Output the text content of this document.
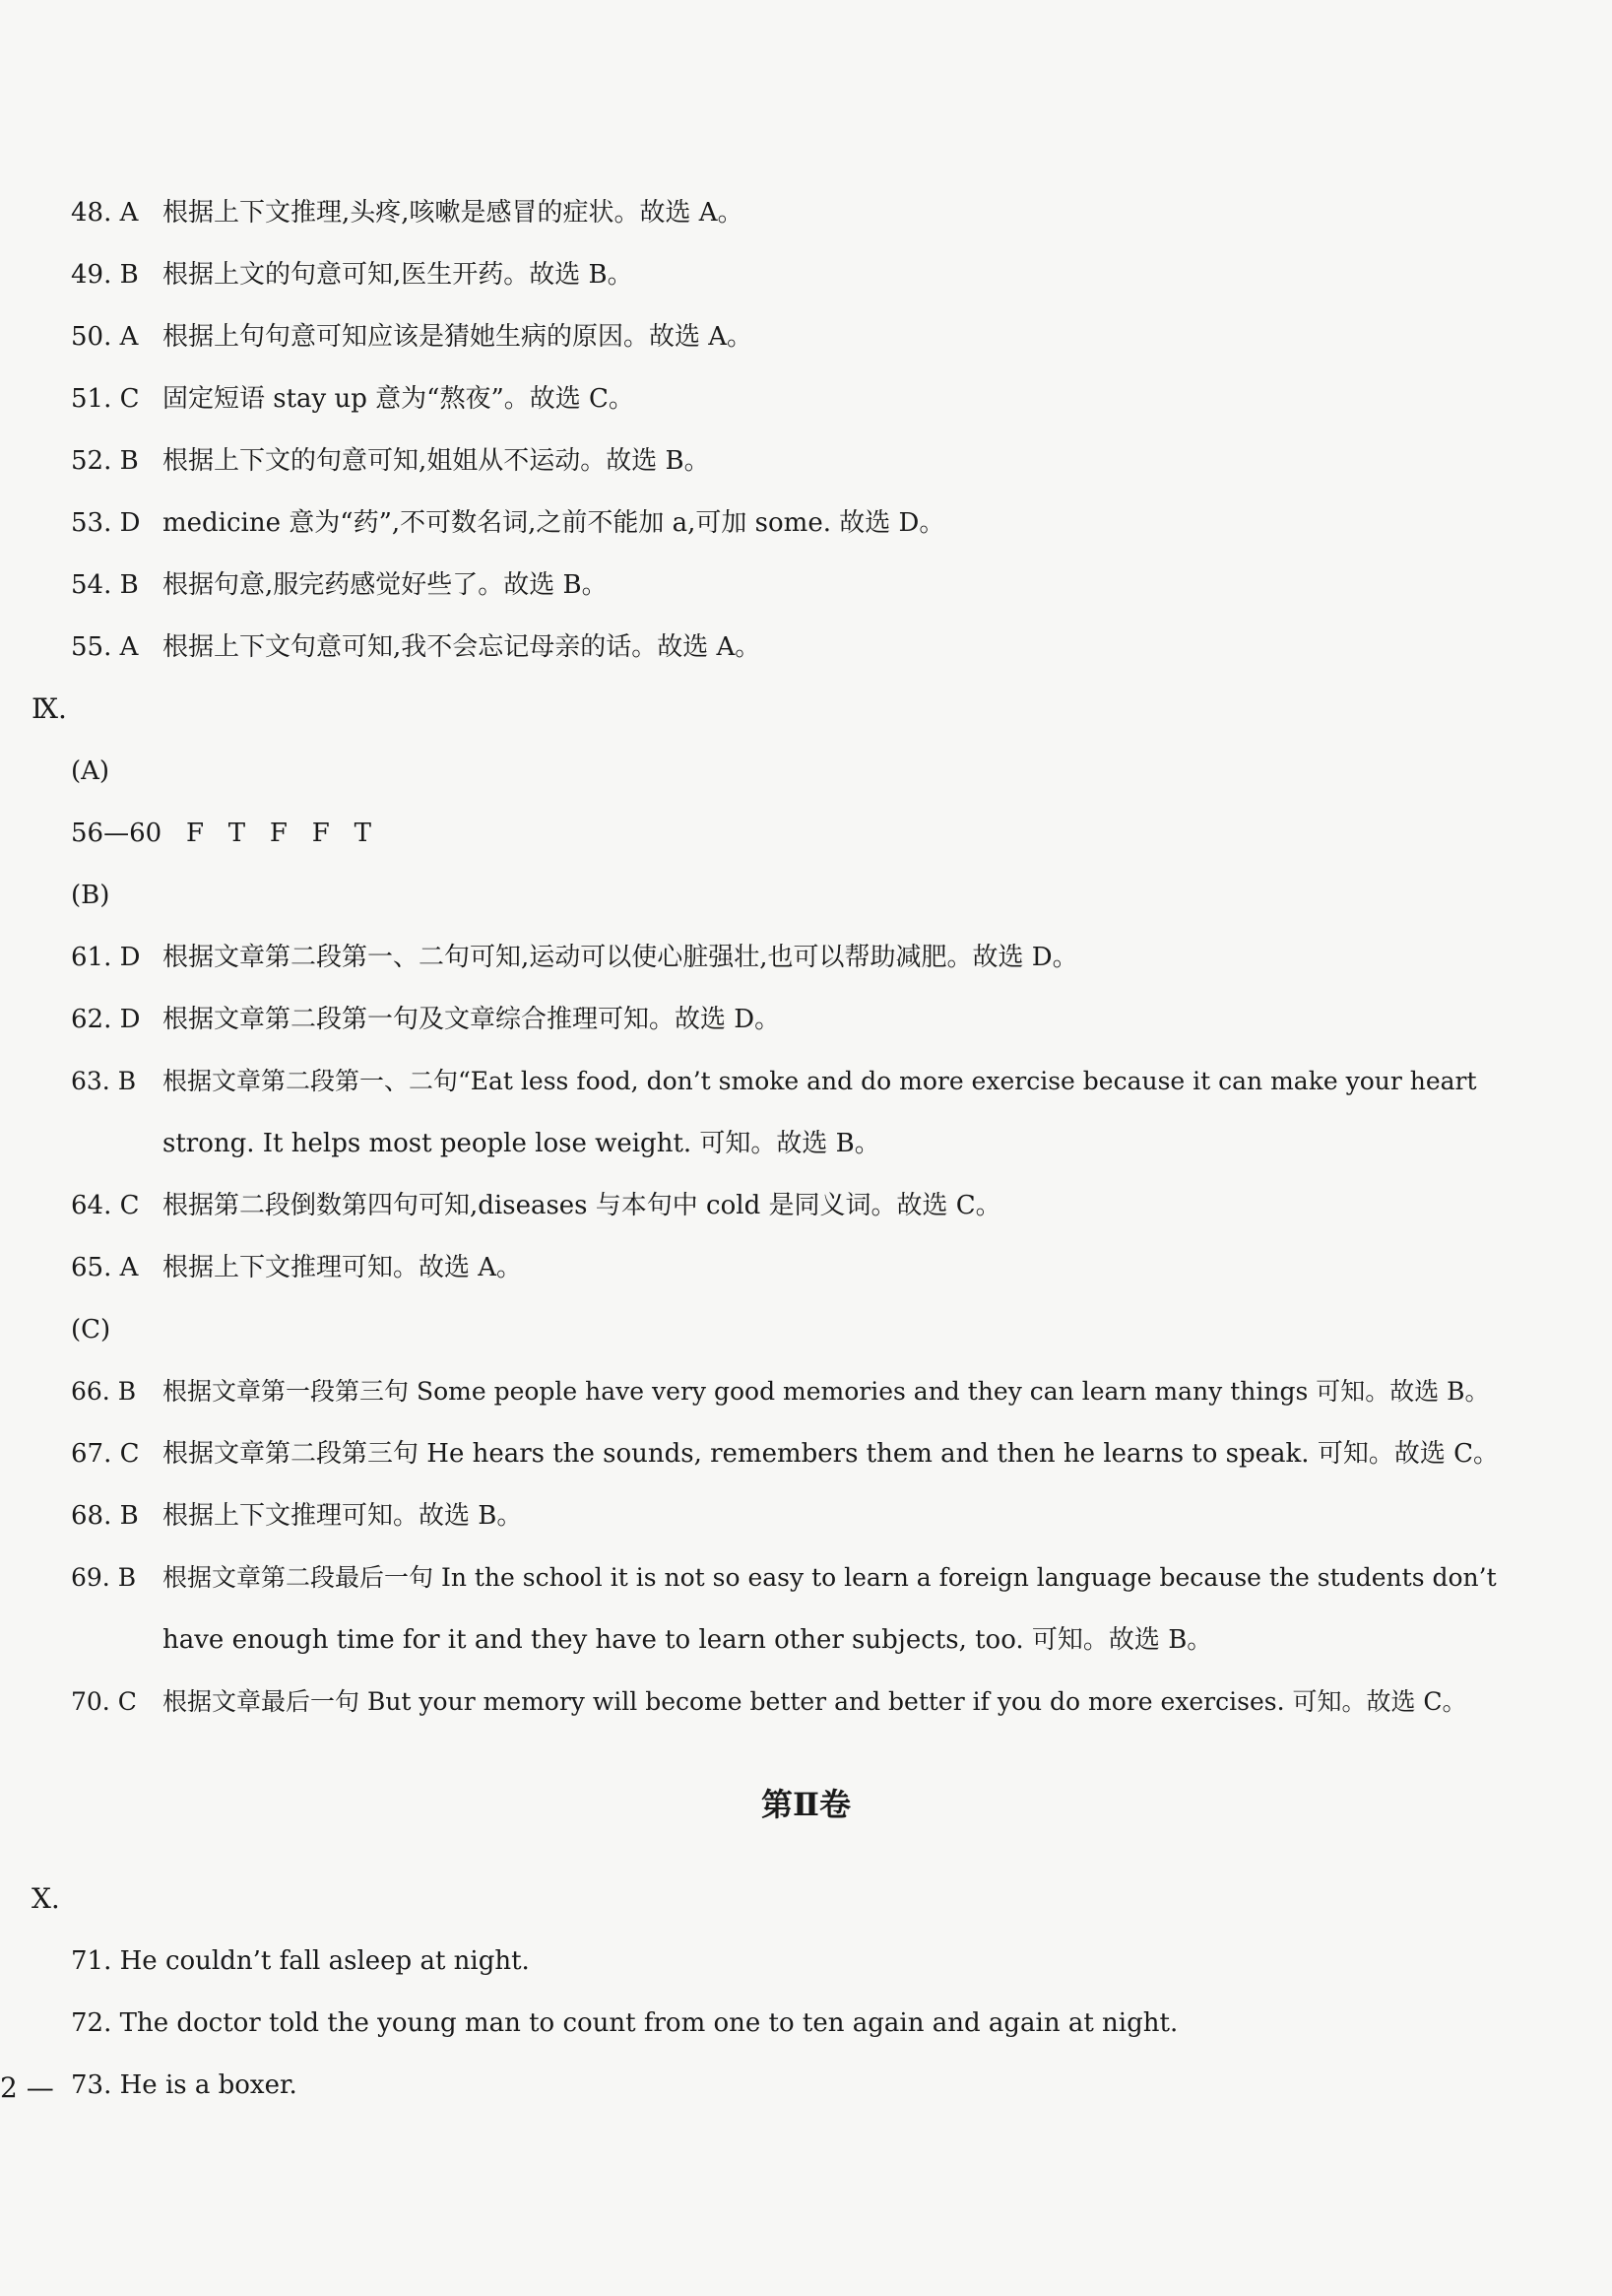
48. A 根据上下文推理,头疼,咳嗽是感冒的症状。故选 A。
49. B 根据上文的句意可知,医生开药。故选 B。
50. A 根据上句句意可知应该是猜她生病的原因。故选 A。
51. C 固定短语 stay up 意为“熬夜”。故选 C。
52. B 根据上下文的句意可知,姐姐从不运动。故选 B。
53. D medicine 意为“药”,不可数名词,之前不能加 a,可加 some. 故选 D。
54. B 根据句意,服完药感觉好些了。故选 B。
55. A 根据上下文句意可知,我不会忘记母亲的话。故选 A。
Ⅸ.
(A)
56—60   F   T   F   F   T
(B)
61. D 根据文章第二段第一、二句可知,运动可以使心脏强壮,也可以帮助减肥。故选 D。
62. D 根据文章第二段第一句及文章综合推理可知。故选 D。
63. B 根据文章第二段第一、二句“Eat less food, don’t smoke and do more exercise because it can make your heart
strong. It helps most people lose weight. 可知。故选 B。
64. C 根据第二段倒数第四句可知,diseases 与本句中 cold 是同义词。故选 C。
65. A 根据上下文推理可知。故选 A。
(C)
66. B 根据文章第一段第三句 Some people have very good memories and they can learn many things 可知。故选 B。
67. C 根据文章第二段第三句 He hears the sounds, remembers them and then he learns to speak. 可知。故选 C。
68. B 根据上下文推理可知。故选 B。
69. B 根据文章第二段最后一句 In the school it is not so easy to learn a foreign language because the students don’t
have enough time for it and they have to learn other subjects, too. 可知。故选 B。
70. C 根据文章最后一句 But your memory will become better and better if you do more exercises. 可知。故选 C。
第Ⅱ卷
X.
71. He couldn’t fall asleep at night.
72. The doctor told the young man to count from one to ten again and again at night.
73. He is a boxer.
2 —
